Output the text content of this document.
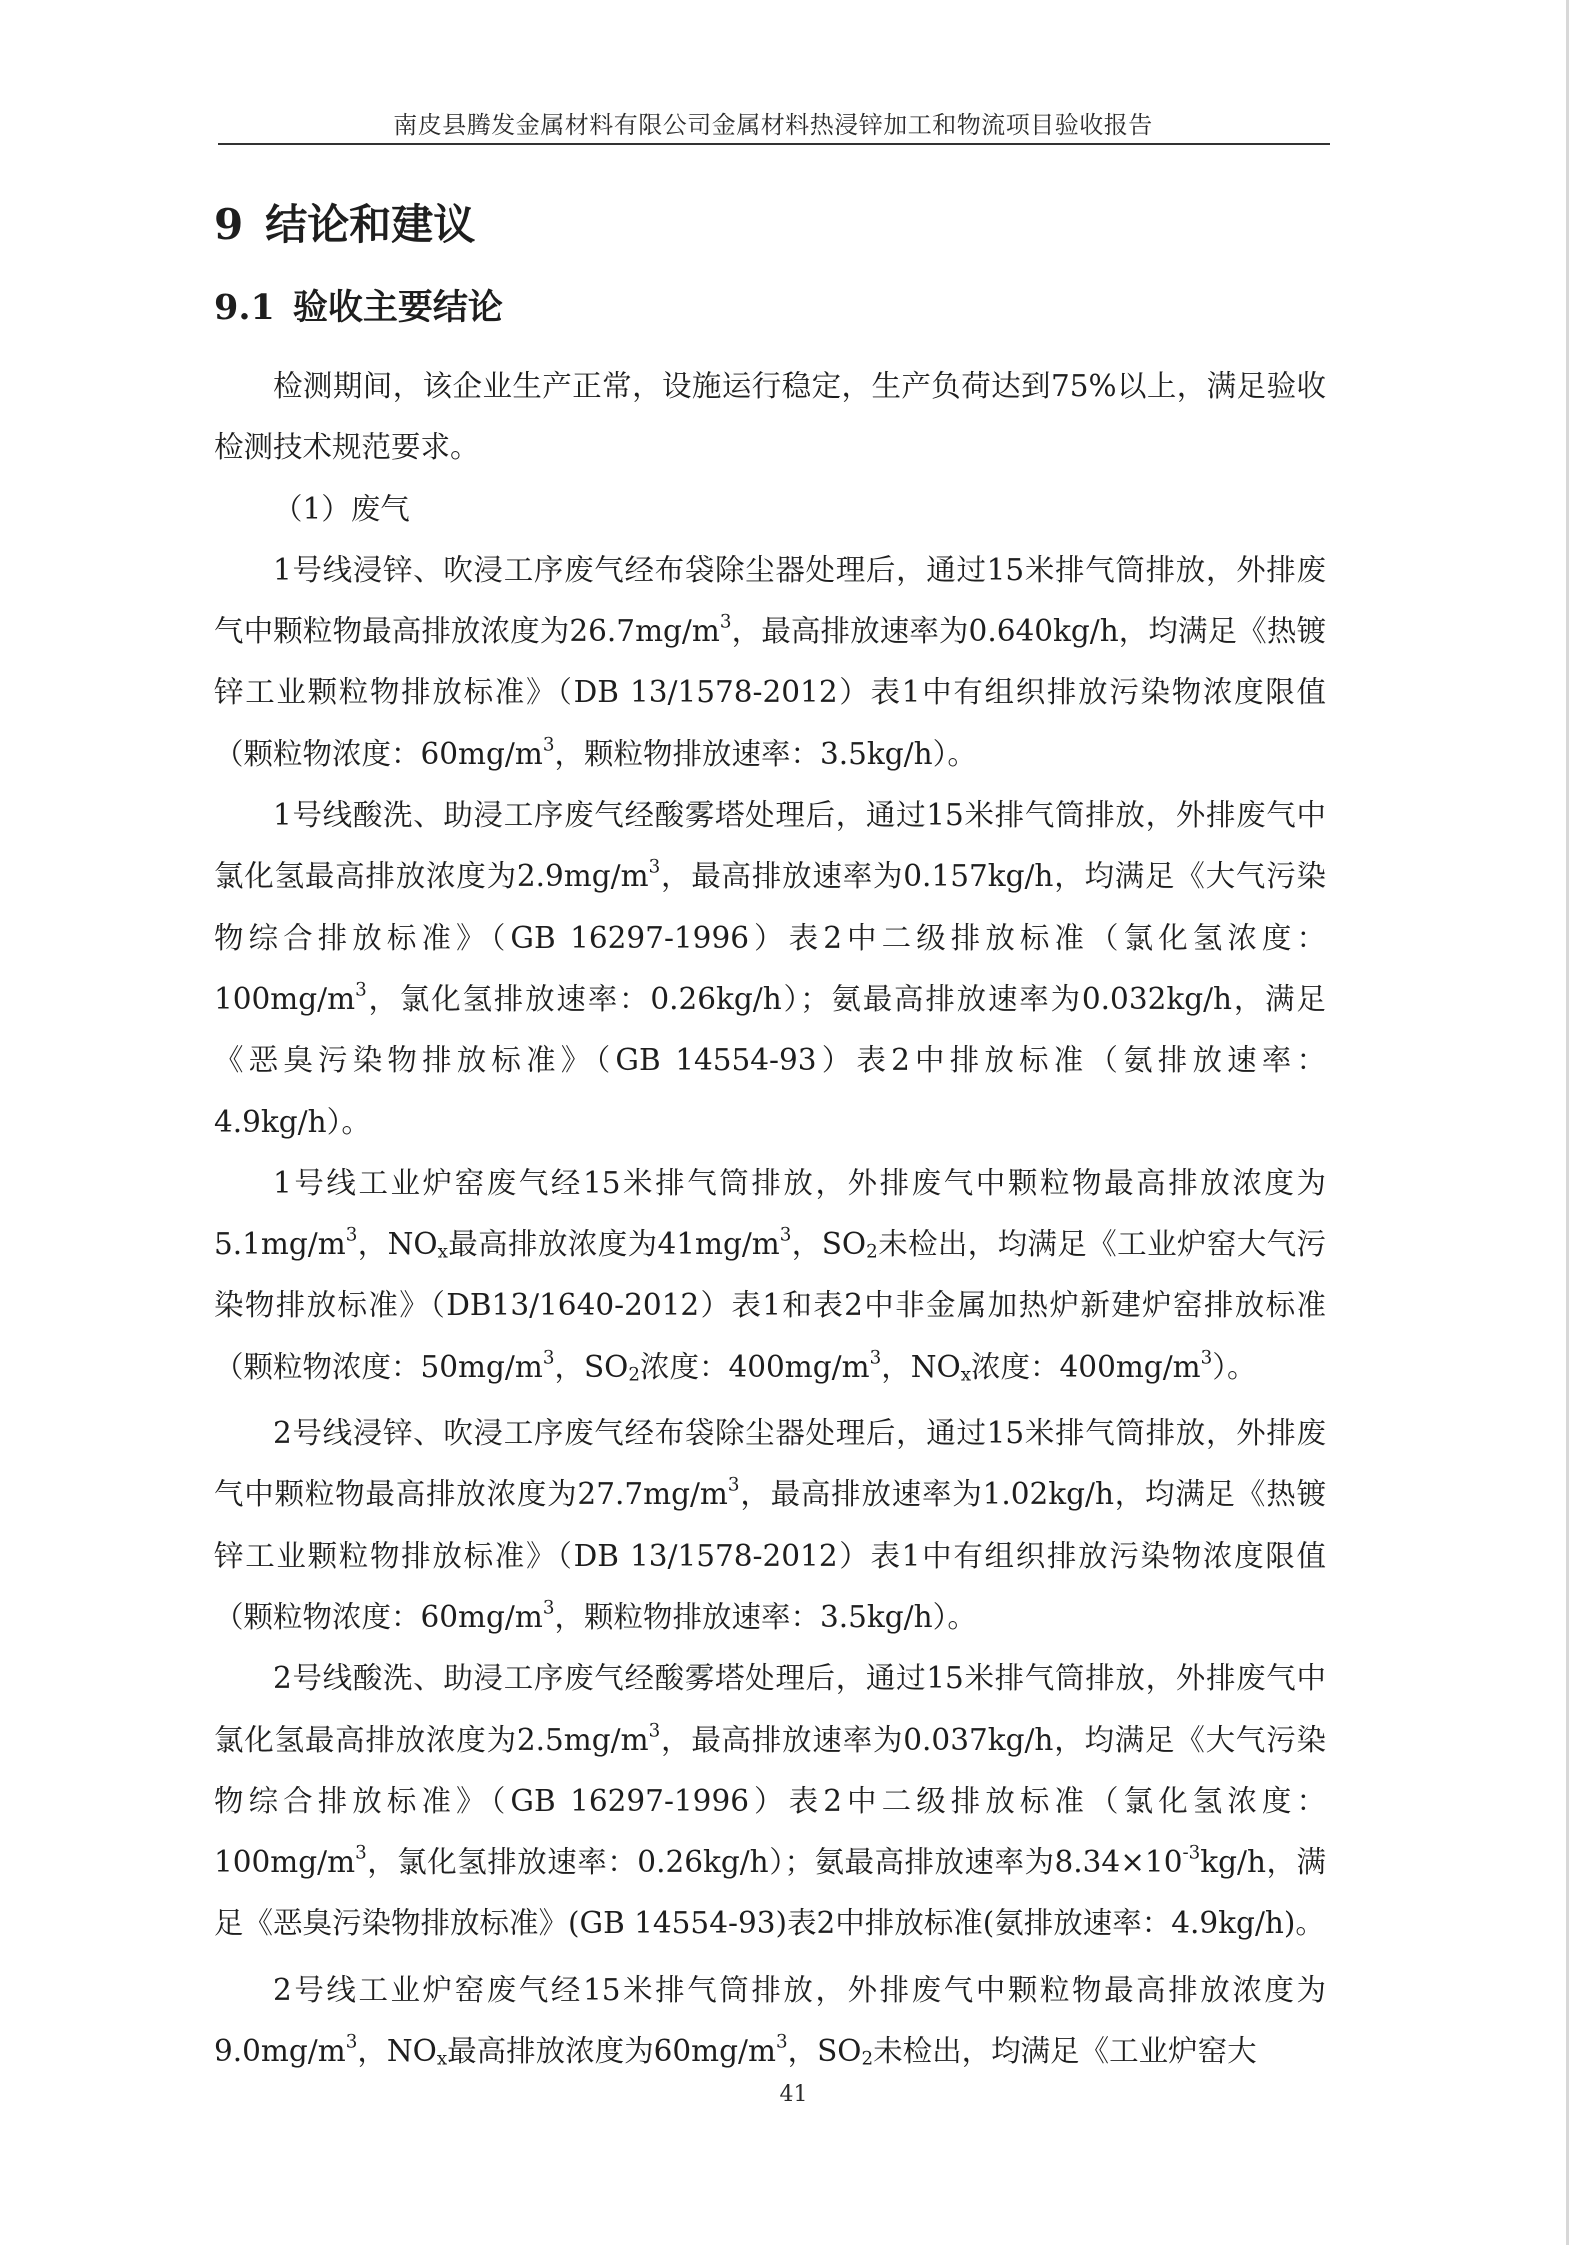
南皮县腾发金属材料有限公司金属材料热浸锌加工和物流项目验收报告
9 结论和建议
9.1 验收主要结论

检测期间，该企业生产正常，设施运行稳定，生产负荷达到75%以上，满足验收检测技术规范要求。

（1）废气

1号线浸锌、吹浸工序废气经布袋除尘器处理后，通过15米排气筒排放，外排废气中颗粒物最高排放浓度为$26.7mg/m^3$，最高排放速率为0.640kg/h，均满足《热镀锌工业颗粒物排放标准》（DB 13/1578-2012）表1中有组织排放污染物浓度限值（颗粒物浓度：$60mg/m^3$，颗粒物排放速率：3.5kg/h）。

1号线酸洗、助浸工序废气经酸雾塔处理后，通过15米排气筒排放，外排废气中氯化氢最高排放浓度为$2.9mg/m^3$，最高排放速率为0.157kg/h，均满足《大气污染物综合排放标准》（GB 16297-1996）表2中二级排放标准（氯化氢浓度：$100mg/m^3$，氯化氢排放速率：0.26kg/h）；氨最高排放速率为0.032kg/h，满足《恶臭污染物排放标准》（GB 14554-93）表2中排放标准（氨排放速率：4.9kg/h）。

1号线工业炉窑废气经15米排气筒排放，外排废气中颗粒物最高排放浓度为$5.1mg/m^3$，$NO_x$最高排放浓度为$41mg/m^3$，$SO_2$未检出，均满足《工业炉窑大气污染物排放标准》（DB13/1640-2012）表1和表2中非金属加热炉新建炉窑排放标准（颗粒物浓度：$50mg/m^3$，$SO_2$浓度：$400mg/m^3$，$NO_x$浓度：$400mg/m^3$）。

2号线浸锌、吹浸工序废气经布袋除尘器处理后，通过15米排气筒排放，外排废气中颗粒物最高排放浓度为$27.7mg/m^3$，最高排放速率为1.02kg/h，均满足《热镀锌工业颗粒物排放标准》（DB 13/1578-2012）表1中有组织排放污染物浓度限值（颗粒物浓度：$60mg/m^3$，颗粒物排放速率：3.5kg/h）。

2号线酸洗、助浸工序废气经酸雾塔处理后，通过15米排气筒排放，外排废气中氯化氢最高排放浓度为$2.5mg/m^3$，最高排放速率为0.037kg/h，均满足《大气污染物综合排放标准》（GB 16297-1996）表2中二级排放标准（氯化氢浓度：$100mg/m^3$，氯化氢排放速率：0.26kg/h）；氨最高排放速率为$8.34\times 10^{-3}kg/h$，满足《恶臭污染物排放标准》(GB 14554-93)表2中排放标准(氨排放速率：4.9kg/h)。

2号线工业炉窑废气经15米排气筒排放，外排废气中颗粒物最高排放浓度为$9.0mg/m^3$，$NO_x$最高排放浓度为$60mg/m^3$，$SO_2$未检出，均满足《工业炉窑大

41
